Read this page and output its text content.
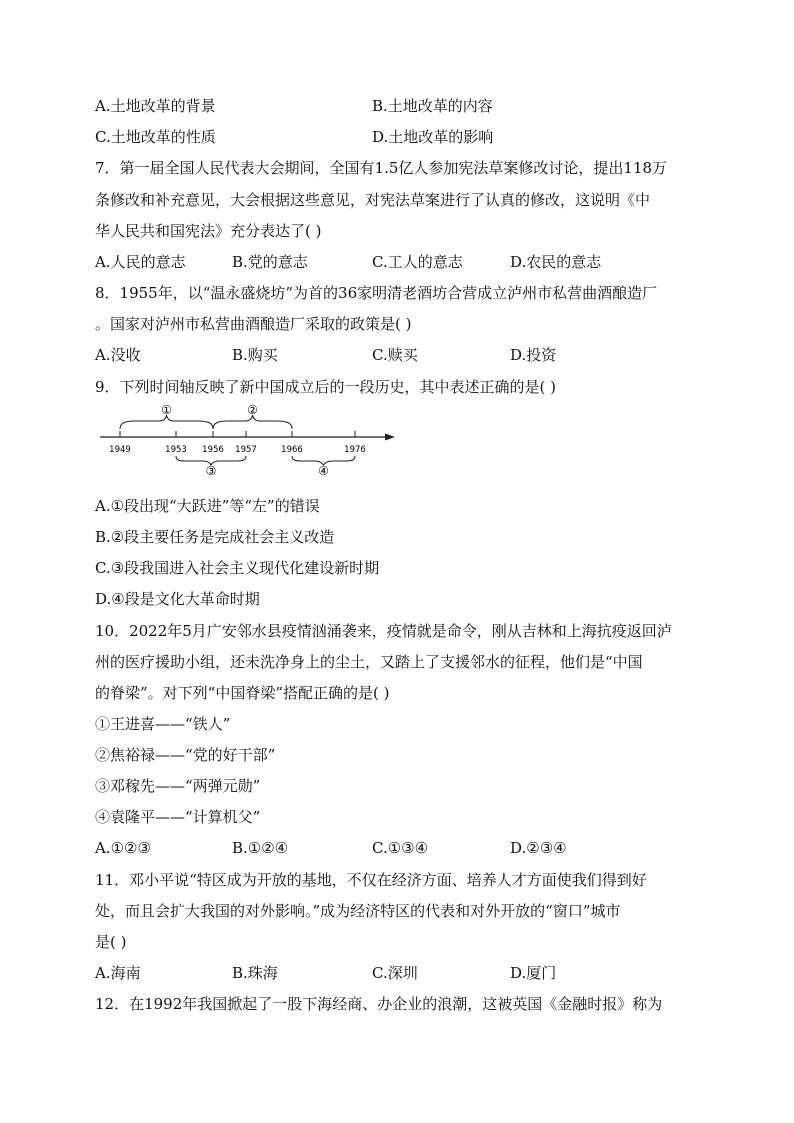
A.土地改革的背景	B.土地改革的内容
C.土地改革的性质	D.土地改革的影响
7．第一届全国人民代表大会期间，全国有1.5亿人参加宪法草案修改讨论，提出118万
条修改和补充意见，大会根据这些意见，对宪法草案进行了认真的修改，这说明《中
华人民共和国宪法》充分表达了( )
A.人民的意志	B.党的意志	C.工人的意志	D.农民的意志
8．1955年，以“温永盛烧坊”为首的36家明清老酒坊合营成立泸州市私营曲酒酿造厂
。国家对泸州市私营曲酒酿造厂采取的政策是( )
A.没收	B.购买	C.赎买	D.投资
9．下列时间轴反映了新中国成立后的一段历史，其中表述正确的是( )
1949	1953 1956 1957	1966	1976
①	②
③	④
A.①段出现“大跃进”等“左”的错误
B.②段主要任务是完成社会主义改造
C.③段我国进入社会主义现代化建设新时期
D.④段是文化大革命时期
10．2022年5月广安邻水县疫情汹涌袭来，疫情就是命令，刚从吉林和上海抗疫返回泸
州的医疗援助小组，还未洗净身上的尘土，又踏上了支援邻水的征程，他们是“中国
的脊梁”。对下列“中国脊梁”搭配正确的是( )
①王进喜——“铁人”
②焦裕禄——“党的好干部”
③邓稼先——“两弹元勋”
④袁隆平——“计算机父”
A.①②③	B.①②④	C.①③④	D.②③④
11．邓小平说“特区成为开放的基地，不仅在经济方面、培养人才方面使我们得到好
处，而且会扩大我国的对外影响。”成为经济特区的代表和对外开放的“窗口”城市
是( )
A.海南	B.珠海	C.深圳	D.厦门
12．在1992年我国掀起了一股下海经商、办企业的浪潮，这被英国《金融时报》称为
